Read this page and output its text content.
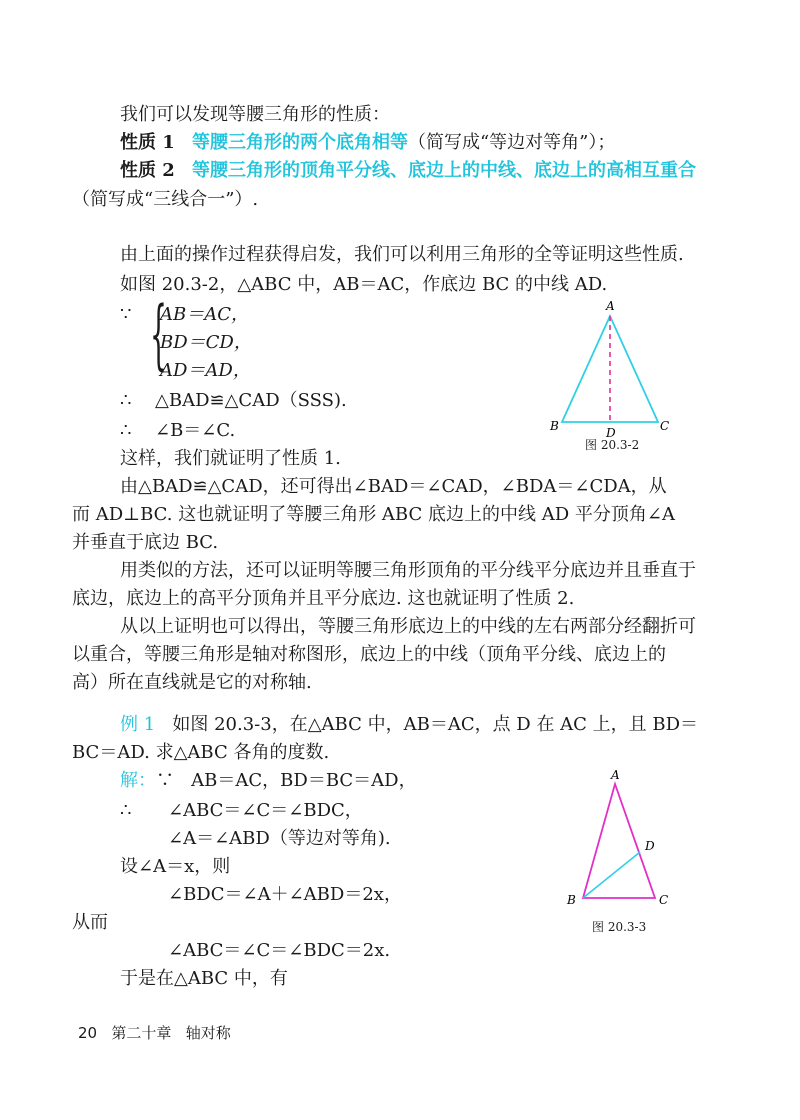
我们可以发现等腰三角形的性质：
性质 1 等腰三角形的两个底角相等（简写成“等边对等角”）；
性质 2 等腰三角形的顶角平分线、底边上的中线、底边上的高相互重合
（简写成“三线合一”）.
由上面的操作过程获得启发，我们可以利用三角形的全等证明这些性质.
如图 20.3-2，△ABC 中，AB＝AC，作底边 BC 的中线 AD.
∵ {
AB＝AC，
BD＝CD，
AD＝AD，
∴ △BAD≌△CAD（SSS).
∴ ∠B＝∠C.
这样，我们就证明了性质 1.
由△BAD≌△CAD，还可得出∠BAD＝∠CAD，∠BDA＝∠CDA，从
而 AD⊥BC. 这也就证明了等腰三角形 ABC 底边上的中线 AD 平分顶角∠A
并垂直于底边 BC.
用类似的方法，还可以证明等腰三角形顶角的平分线平分底边并且垂直于
底边，底边上的高平分顶角并且平分底边. 这也就证明了性质 2.
从以上证明也可以得出，等腰三角形底边上的中线的左右两部分经翻折可
以重合，等腰三角形是轴对称图形，底边上的中线（顶角平分线、底边上的
高）所在直线就是它的对称轴.
A
B	C
D
图 20.3-2
例 1 如图 20.3-3，在△ABC 中，AB＝AC，点 D 在 AC 上，且 BD＝
BC＝AD. 求△ABC 各角的度数.
解：∵ AB＝AC，BD＝BC＝AD，
∴ ∠ABC＝∠C＝∠BDC，
∠A＝∠ABD（等边对等角).
设∠A＝x，则
∠BDC＝∠A＋∠ABD＝2x，
从而
∠ABC＝∠C＝∠BDC＝2x.
于是在△ABC 中，有
A
B	C
D
图 20.3-3
20 第二十章 轴对称
